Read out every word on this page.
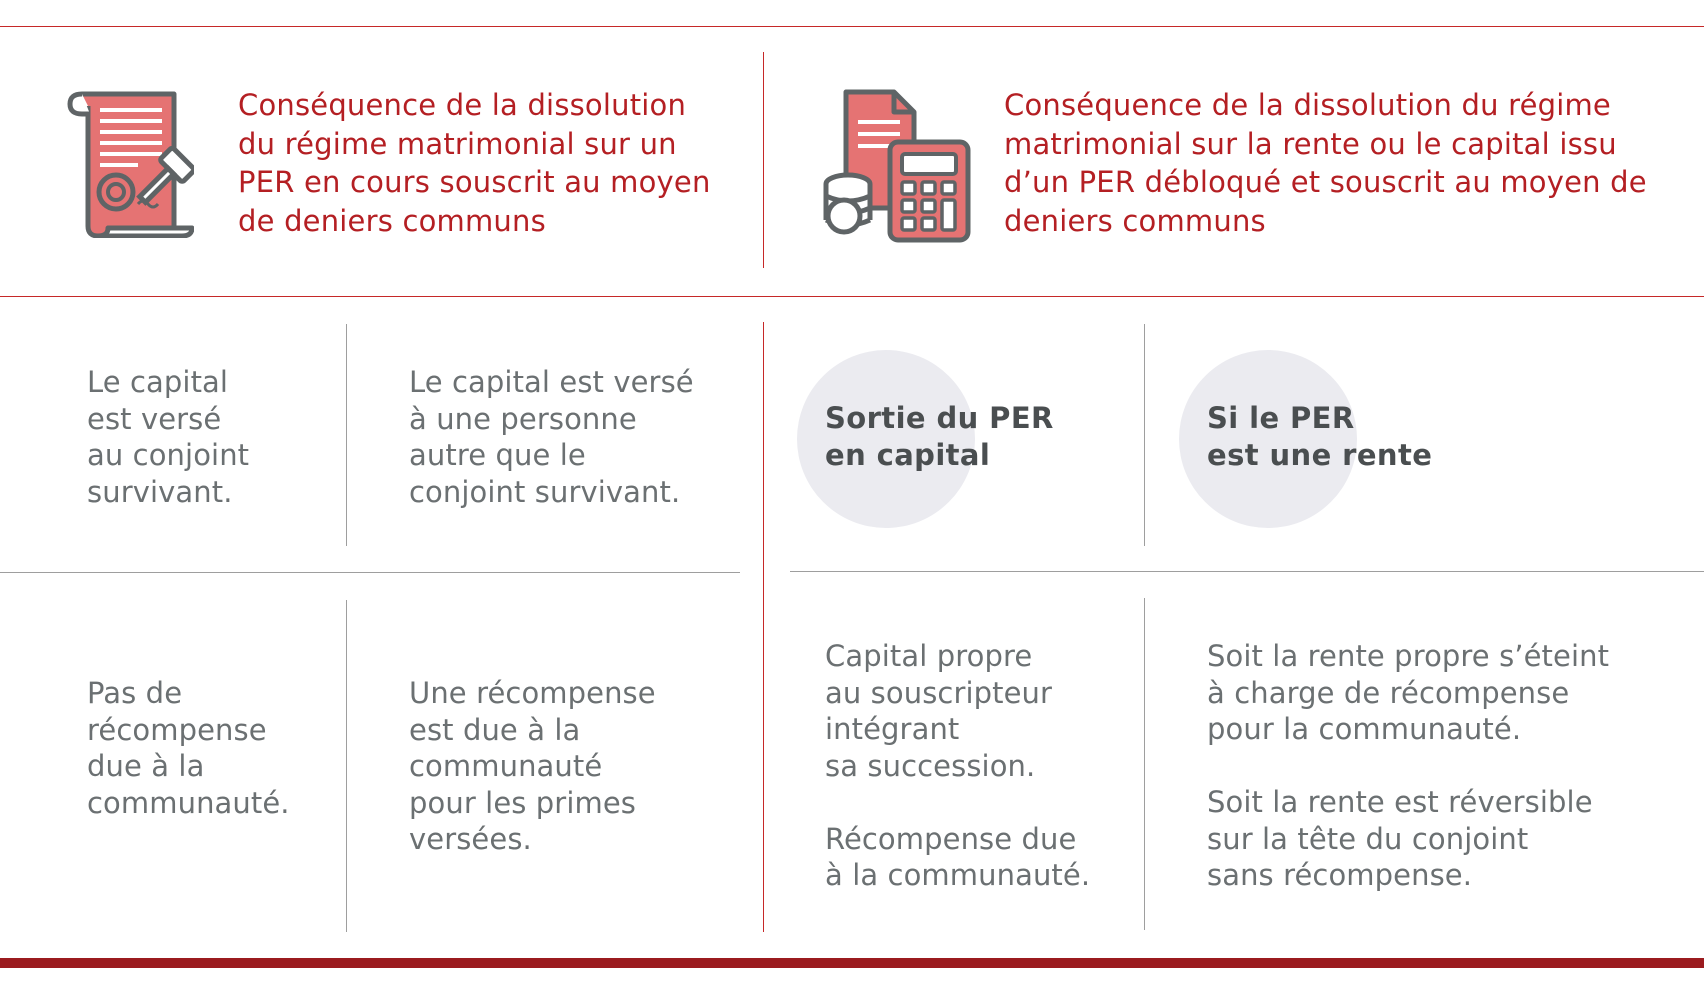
Conséquence de la dissolution du régime matrimonial sur un PER en cours souscrit au moyen de deniers communs

Conséquence de la dissolution du régime matrimonial sur la rente ou le capital issu d’un PER débloqué et souscrit au moyen de deniers communs

Le capital
est versé
au conjoint
survivant.

Le capital est versé
à une personne
autre que le
conjoint survivant.

Pas de
récompense
due à la
communauté.

Une récompense
est due à la
communauté
pour les primes
versées.

Sortie du PER
en capital

Si le PER
est une rente

Capital propre
au souscripteur
intégrant
sa succession.

Récompense due
à la communauté.

Soit la rente propre s’éteint
à charge de récompense
pour la communauté.

Soit la rente est réversible
sur la tête du conjoint
sans récompense.
